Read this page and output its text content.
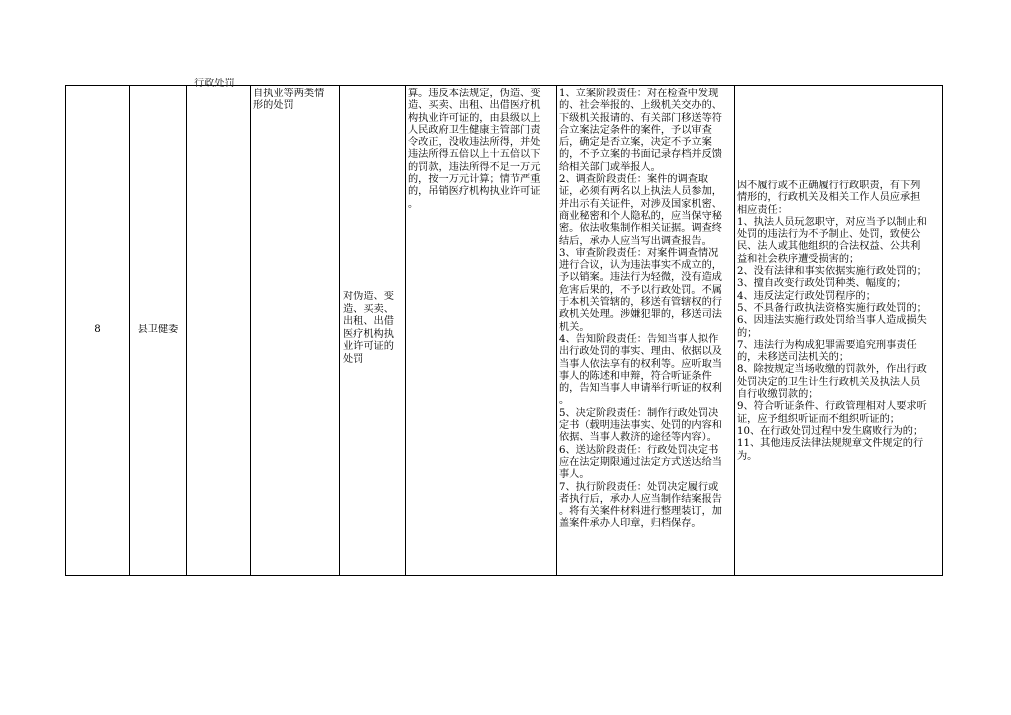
8	县卫健委
行政处罚
自执业等两类情
形的处罚
对伪造、变
造、买卖、
出租、出借
医疗机构执
业许可证的
处罚
算。违反本法规定，伪造、变
造、买卖、出租、出借医疗机
构执业许可证的，由县级以上
人民政府卫生健康主管部门责
令改正，没收违法所得，并处
违法所得五倍以上十五倍以下
的罚款，违法所得不足一万元
的，按一万元计算；情节严重
的，吊销医疗机构执业许可证
。
1、立案阶段责任：对在检查中发现
的、社会举报的、上级机关交办的、
下级机关报请的、有关部门移送等符
合立案法定条件的案件，予以审查
后，确定是否立案，决定不予立案
的，不予立案的书面记录存档并反馈
给相关部门或举报人。
2、调查阶段责任：案件的调查取
证，必须有两名以上执法人员参加，
并出示有关证件，对涉及国家机密、
商业秘密和个人隐私的，应当保守秘
密。依法收集制作相关证据。调查终
结后，承办人应当写出调查报告。
3、审查阶段责任：对案件调查情况
进行合议，认为违法事实不成立的，
予以销案。违法行为轻微，没有造成
危害后果的，不予以行政处罚。不属
于本机关管辖的，移送有管辖权的行
政机关处理。涉嫌犯罪的，移送司法
机关。
4、告知阶段责任：告知当事人拟作
出行政处罚的事实、理由、依据以及
当事人依法享有的权利等。应听取当
事人的陈述和申辩，符合听证条件
的，告知当事人申请举行听证的权利
。
5、决定阶段责任：制作行政处罚决
定书（载明违法事实、处罚的内容和
依据、当事人救济的途径等内容）。
6、送达阶段责任：行政处罚决定书
应在法定期限通过法定方式送达给当
事人。
7、执行阶段责任：处罚决定履行或
者执行后，承办人应当制作结案报告
。将有关案件材料进行整理装订，加
盖案件承办人印章，归档保存。
因不履行或不正确履行行政职责，有下列
情形的，行政机关及相关工作人员应承担
相应责任：
1、执法人员玩忽职守，对应当予以制止和
处罚的违法行为不予制止、处罚，致使公
民、法人或其他组织的合法权益、公共利
益和社会秩序遭受损害的；
2、没有法律和事实依据实施行政处罚的；
3、擅自改变行政处罚种类、幅度的；
4、违反法定行政处罚程序的；
5、不具备行政执法资格实施行政处罚的；
6、因违法实施行政处罚给当事人造成损失
的；
7、违法行为构成犯罪需要追究刑事责任
的，未移送司法机关的；
8、除按规定当场收缴的罚款外，作出行政
处罚决定的卫生计生行政机关及执法人员
自行收缴罚款的；
9、符合听证条件、行政管理相对人要求听
证，应予组织听证而不组织听证的；
10、在行政处罚过程中发生腐败行为的；
11、其他违反法律法规规章文件规定的行
为。
